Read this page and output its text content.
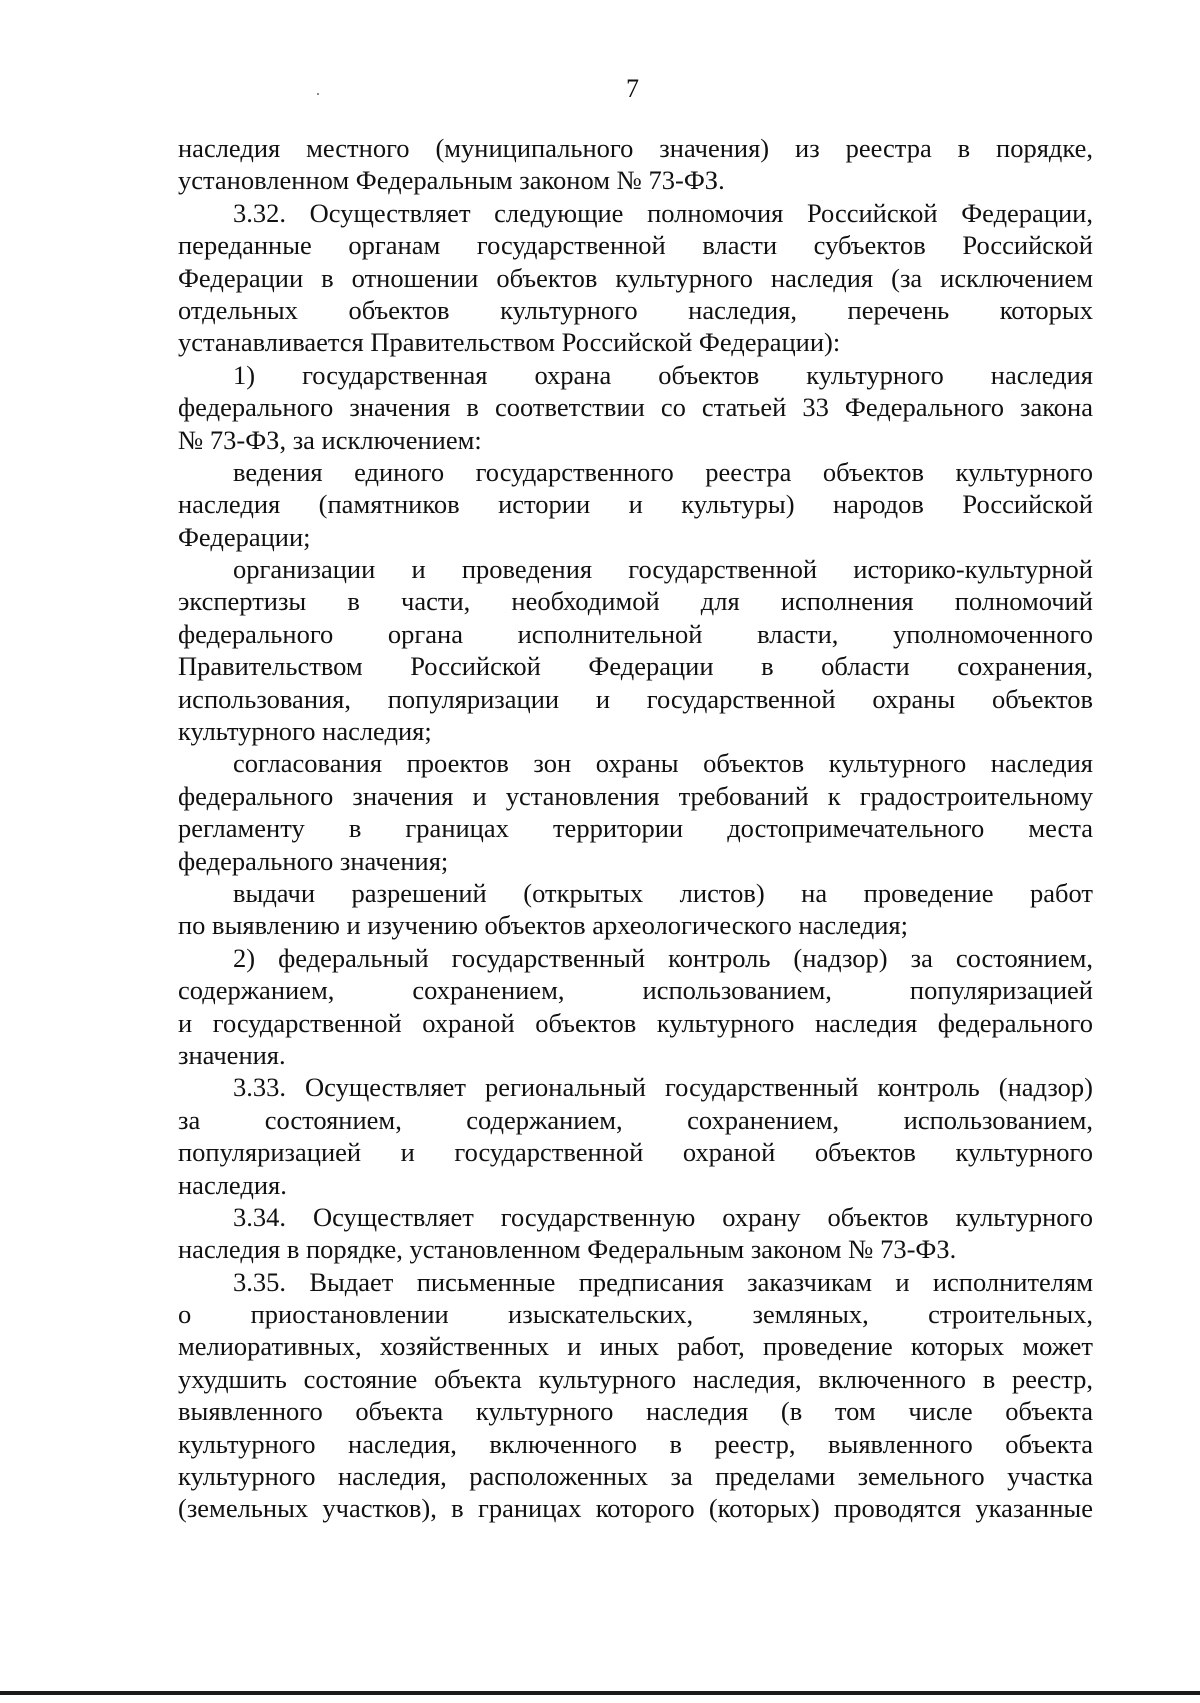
7
наследия местного (муниципального значения) из реестра в порядке,
установленном Федеральным законом № 73-ФЗ.
3.32. Осуществляет следующие полномочия Российской Федерации,
переданные органам государственной власти субъектов Российской
Федерации в отношении объектов культурного наследия (за исключением
отдельных объектов культурного наследия, перечень которых
устанавливается Правительством Российской Федерации):
1) государственная охрана объектов культурного наследия
федерального значения в соответствии со статьей 33 Федерального закона
№ 73-ФЗ, за исключением:
ведения единого государственного реестра объектов культурного
наследия (памятников истории и культуры) народов Российской
Федерации;
организации и проведения государственной историко-культурной
экспертизы в части, необходимой для исполнения полномочий
федерального органа исполнительной власти, уполномоченного
Правительством Российской Федерации в области сохранения,
использования, популяризации и государственной охраны объектов
культурного наследия;
согласования проектов зон охраны объектов культурного наследия
федерального значения и установления требований к градостроительному
регламенту в границах территории достопримечательного места
федерального значения;
выдачи разрешений (открытых листов) на проведение работ
по выявлению и изучению объектов археологического наследия;
2) федеральный государственный контроль (надзор) за состоянием,
содержанием, сохранением, использованием, популяризацией
и государственной охраной объектов культурного наследия федерального
значения.
3.33. Осуществляет региональный государственный контроль (надзор)
за состоянием, содержанием, сохранением, использованием,
популяризацией и государственной охраной объектов культурного
наследия.
3.34. Осуществляет государственную охрану объектов культурного
наследия в порядке, установленном Федеральным законом № 73-ФЗ.
3.35. Выдает письменные предписания заказчикам и исполнителям
о приостановлении изыскательских, земляных, строительных,
мелиоративных, хозяйственных и иных работ, проведение которых может
ухудшить состояние объекта культурного наследия, включенного в реестр,
выявленного объекта культурного наследия (в том числе объекта
культурного наследия, включенного в реестр, выявленного объекта
культурного наследия, расположенных за пределами земельного участка
(земельных участков), в границах которого (которых) проводятся указанные
